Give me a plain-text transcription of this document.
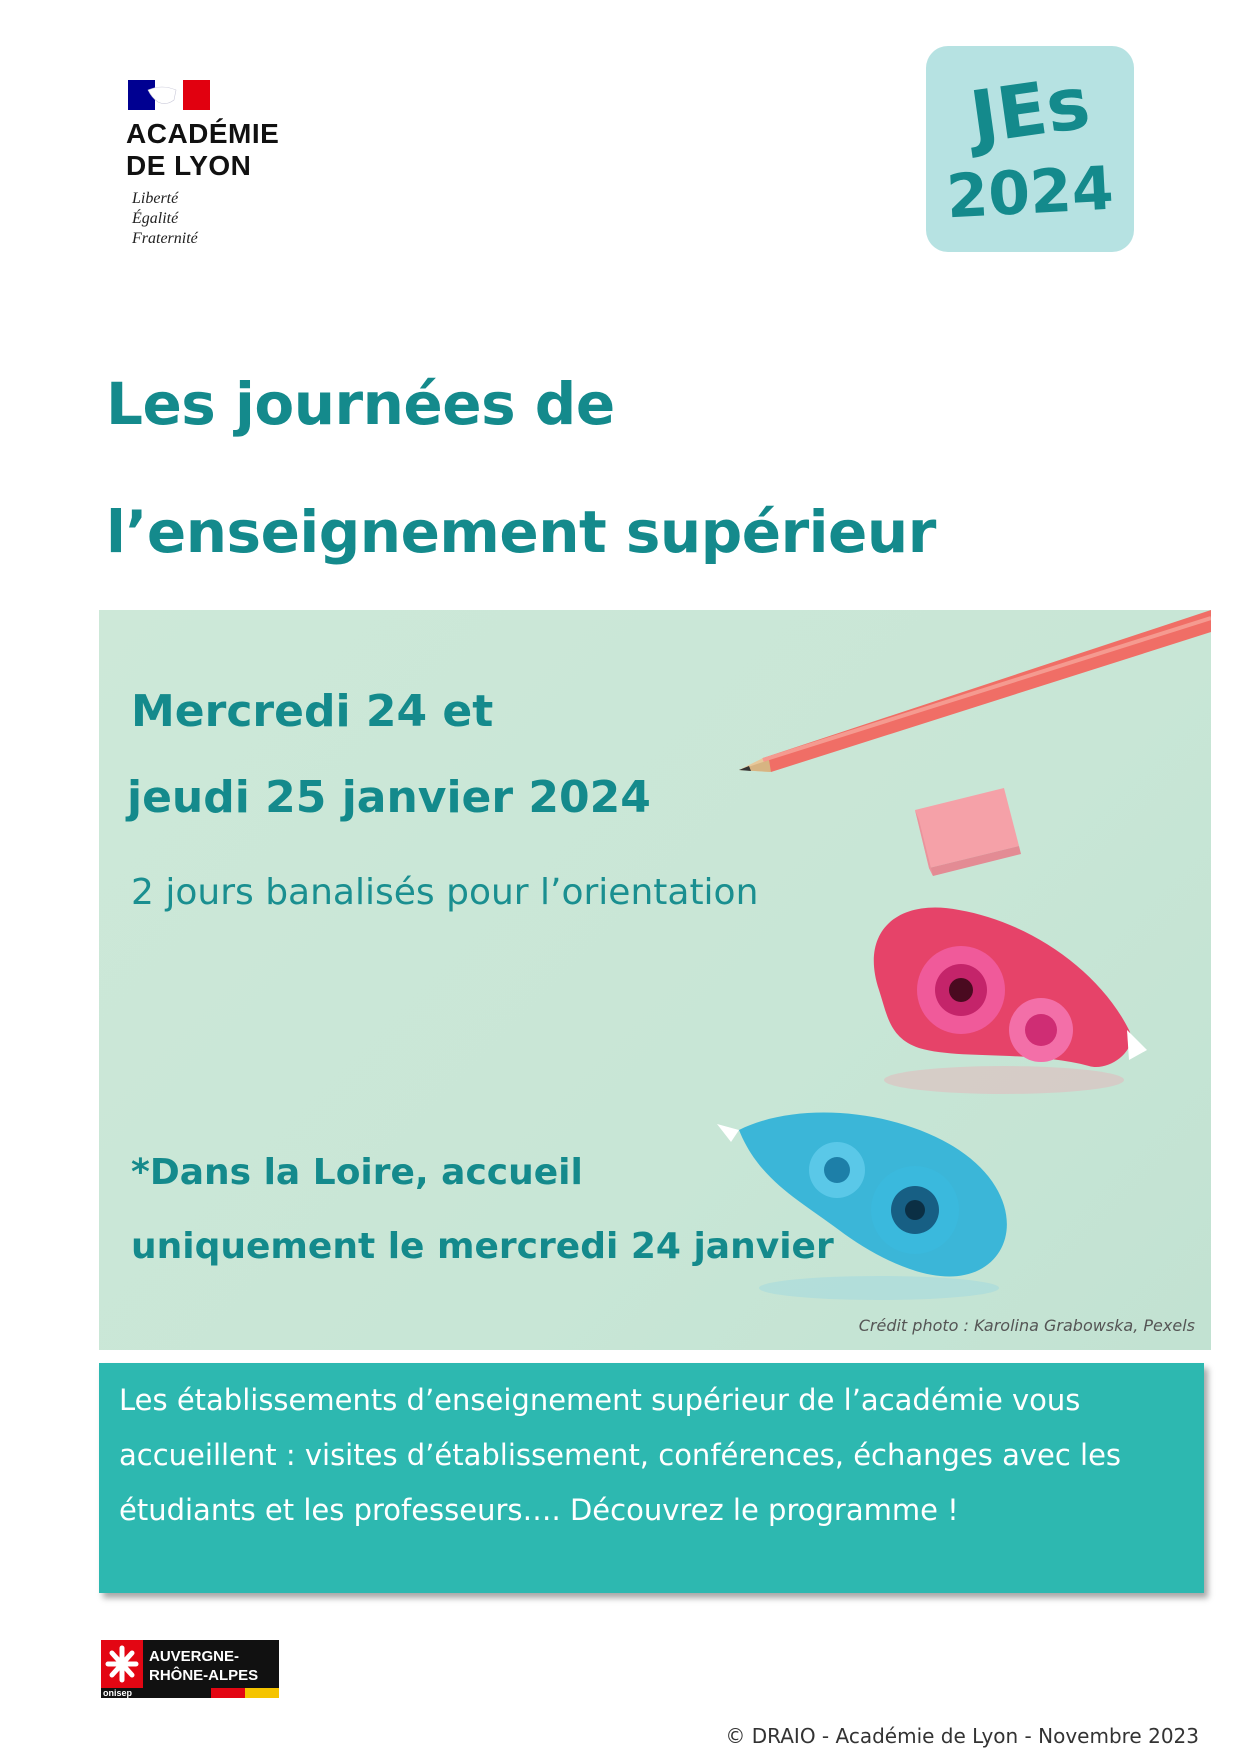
ACADÉMIE
DE LYON
Liberté
Égalité
Fraternité
JEs
2024
Les journées de
l’enseignement supérieur
Mercredi 24 et
jeudi 25 janvier 2024
2 jours banalisés pour l’orientation
*Dans la Loire, accueil
uniquement le mercredi 24 janvier
Crédit photo : Karolina Grabowska, Pexels
Les établissements d’enseignement supérieur de l’académie vous accueillent : visites d’établissement, conférences, échanges avec les étudiants et les professeurs…. Découvrez le programme !
AUVERGNE-
RHÔNE-ALPES
onisep
© DRAIO - Académie de Lyon - Novembre 2023
